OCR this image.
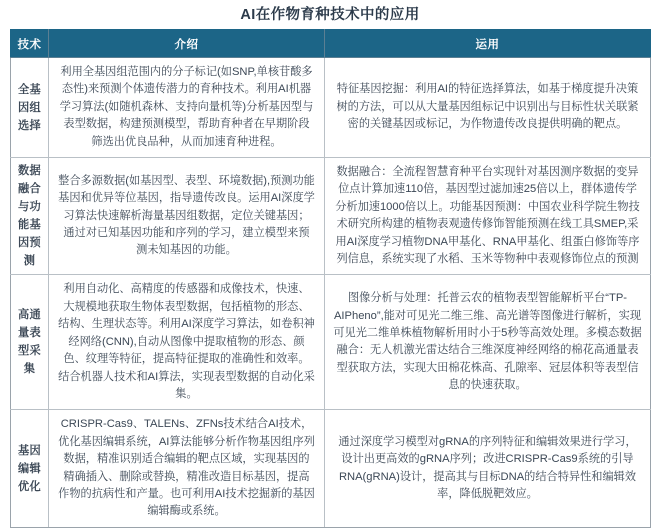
AI在作物育种技术中的应用
技术	介绍	运用
全基因组选择	利用全基因组范围内的分子标记(如SNP,单核苷酸多态性)来预测个体遗传潜力的育种技术。利用AI机器学习算法(如随机森林、支持向量机等)分析基因型与表型数据，构建预测模型，帮助育种者在早期阶段筛选出优良品种，从而加速育种进程。	特征基因挖掘：利用AI的特征选择算法，如基于梯度提升决策树的方法，可以从大量基因组标记中识别出与目标性状关联紧密的关键基因或标记，为作物遗传改良提供明确的靶点。
数据融合与功能基因预测	整合多源数据(如基因型、表型、环境数据),预测功能基因和优异等位基因，指导遗传改良。运用AI深度学习算法快速解析海量基因组数据，定位关键基因；通过对已知基因功能和序列的学习，建立模型来预测未知基因的功能。	数据融合：全流程智慧育种平台实现针对基因测序数据的变异位点计算加速110倍，基因型过滤加速25倍以上，群体遗传学分析加速1000倍以上。功能基因预测：中国农业科学院生物技术研究所构建的植物表观遗传修饰智能预测在线工具SMEP,采用AI深度学习植物DNA甲基化、RNA甲基化、组蛋白修饰等序列信息，系统实现了水稻、玉米等物种中表观修饰位点的预测
高通量表型采集	利用自动化、高精度的传感器和成像技术，快速、大规模地获取生物体表型数据，包括植物的形态、结构、生理状态等。利用AI深度学习算法，如卷积神经网络(CNN),自动从图像中提取植物的形态、颜色、纹理等特征，提高特征提取的准确性和效率。结合机器人技术和AI算法，实现表型数据的自动化采集。	图像分析与处理：托普云农的植物表型智能解析平台“TP-AIPheno”,能对可见光二维三维、高光谱等图像进行解析，实现可见光二维单株植物解析用时小于5秒等高效处理。多模态数据融合：无人机激光雷达结合三维深度神经网络的棉花高通量表型获取方法，实现大田棉花株高、孔隙率、冠层体积等表型信息的快速获取。
基因编辑优化	CRISPR-Cas9、TALENs、ZFNs技术结合AI技术，优化基因编辑系统，AI算法能够分析作物基因组序列数据，精准识别适合编辑的靶点区域，实现基因的精确插入、删除或替换，精准改造目标基因，提高作物的抗病性和产量。也可利用AI技术挖掘新的基因编辑酶或系统。	通过深度学习模型对gRNA的序列特征和编辑效果进行学习，设计出更高效的gRNA序列；改进CRISPR-Cas9系统的引导RNA(gRNA)设计，提高其与目标DNA的结合特异性和编辑效率，降低脱靶效应。
